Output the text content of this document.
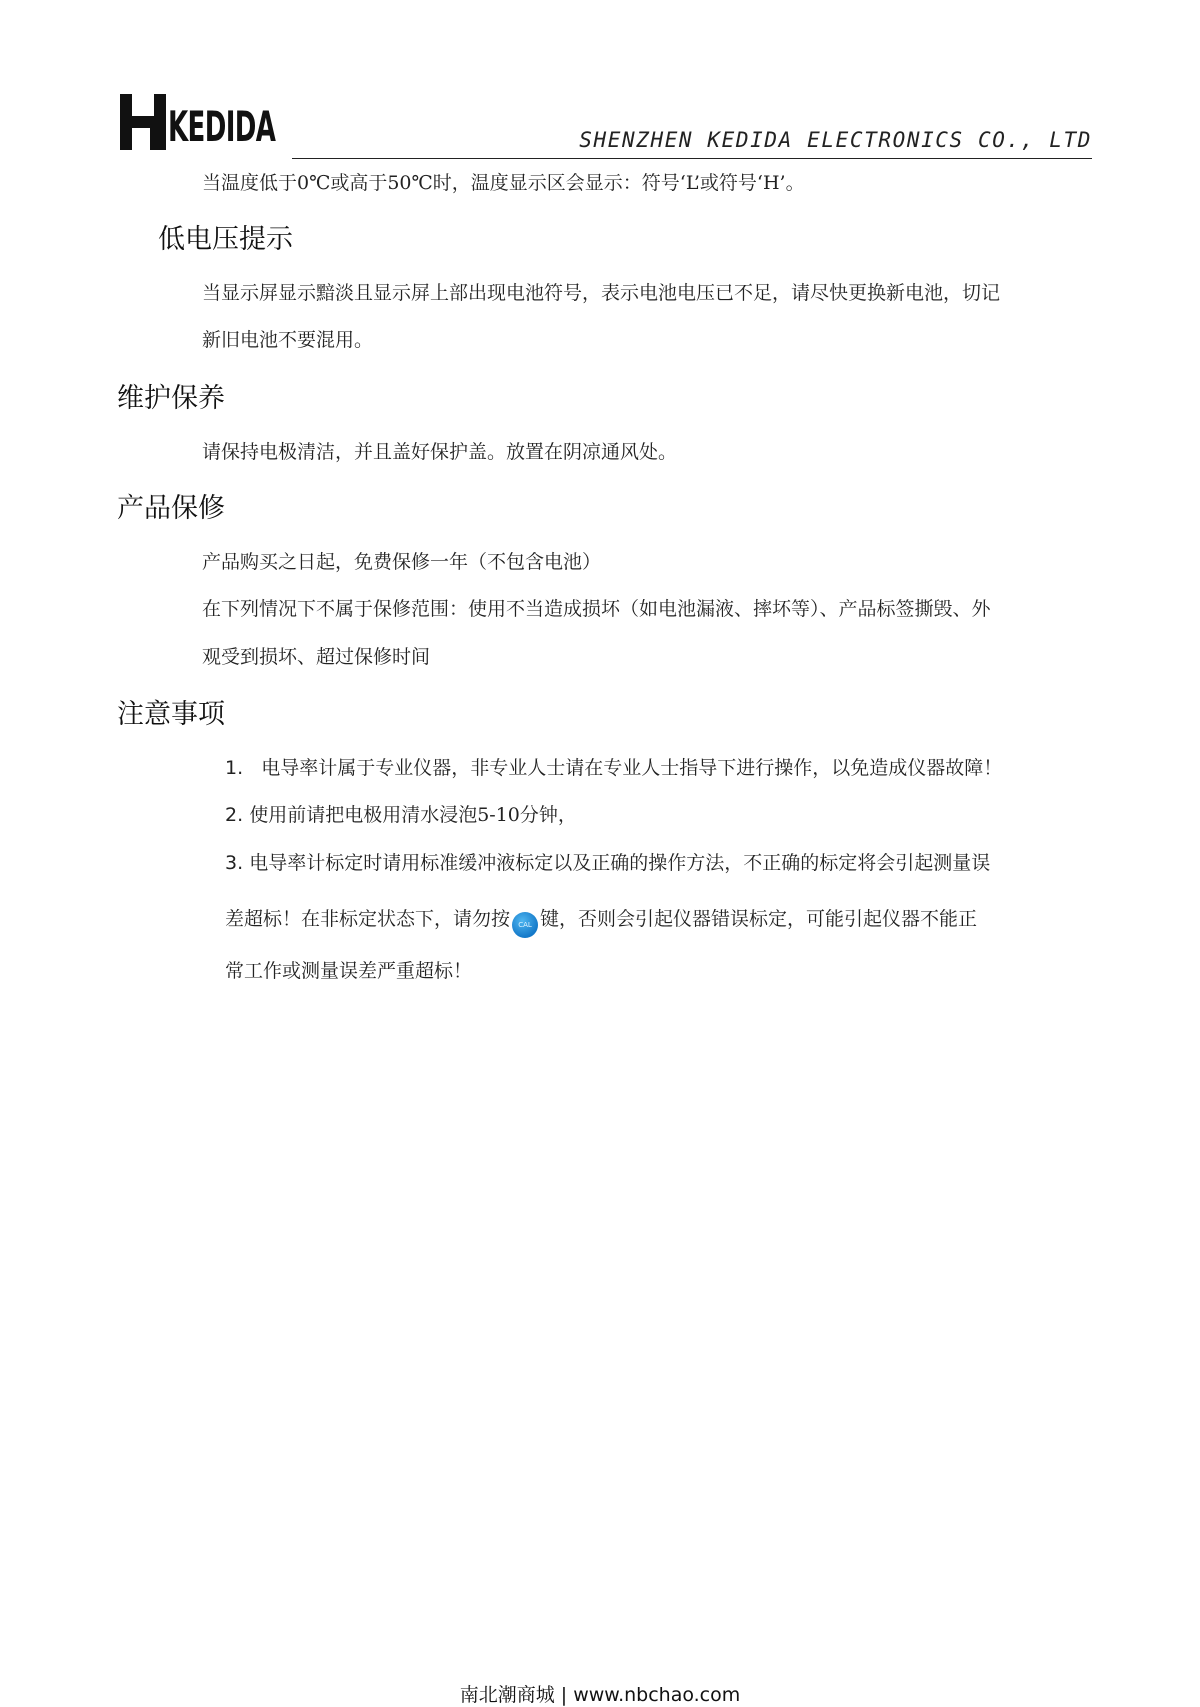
KEDIDA	SHENZHEN KEDIDA ELECTRONICS CO., LTD
当温度低于0℃或高于50℃时，温度显示区会显示：符号‘L’或符号‘H’。
低电压提示
当显示屏显示黯淡且显示屏上部出现电池符号，表示电池电压已不足，请尽快更换新电池，切记
新旧电池不要混用。
维护保养
请保持电极清洁，并且盖好保护盖。放置在阴凉通风处。
产品保修
产品购买之日起，免费保修一年（不包含电池）
在下列情况下不属于保修范围：使用不当造成损坏（如电池漏液、摔坏等）、产品标签撕毁、外
观受到损坏、超过保修时间
注意事项
1. 电导率计属于专业仪器，非专业人士请在专业人士指导下进行操作，以免造成仪器故障！
2. 使用前请把电极用清水浸泡5-10分钟，
3. 电导率计标定时请用标准缓冲液标定以及正确的操作方法，不正确的标定将会引起测量误
差超标！在非标定状态下，请勿按 CAL 键，否则会引起仪器错误标定，可能引起仪器不能正
常工作或测量误差严重超标！
南北潮商城 | www.nbchao.com
